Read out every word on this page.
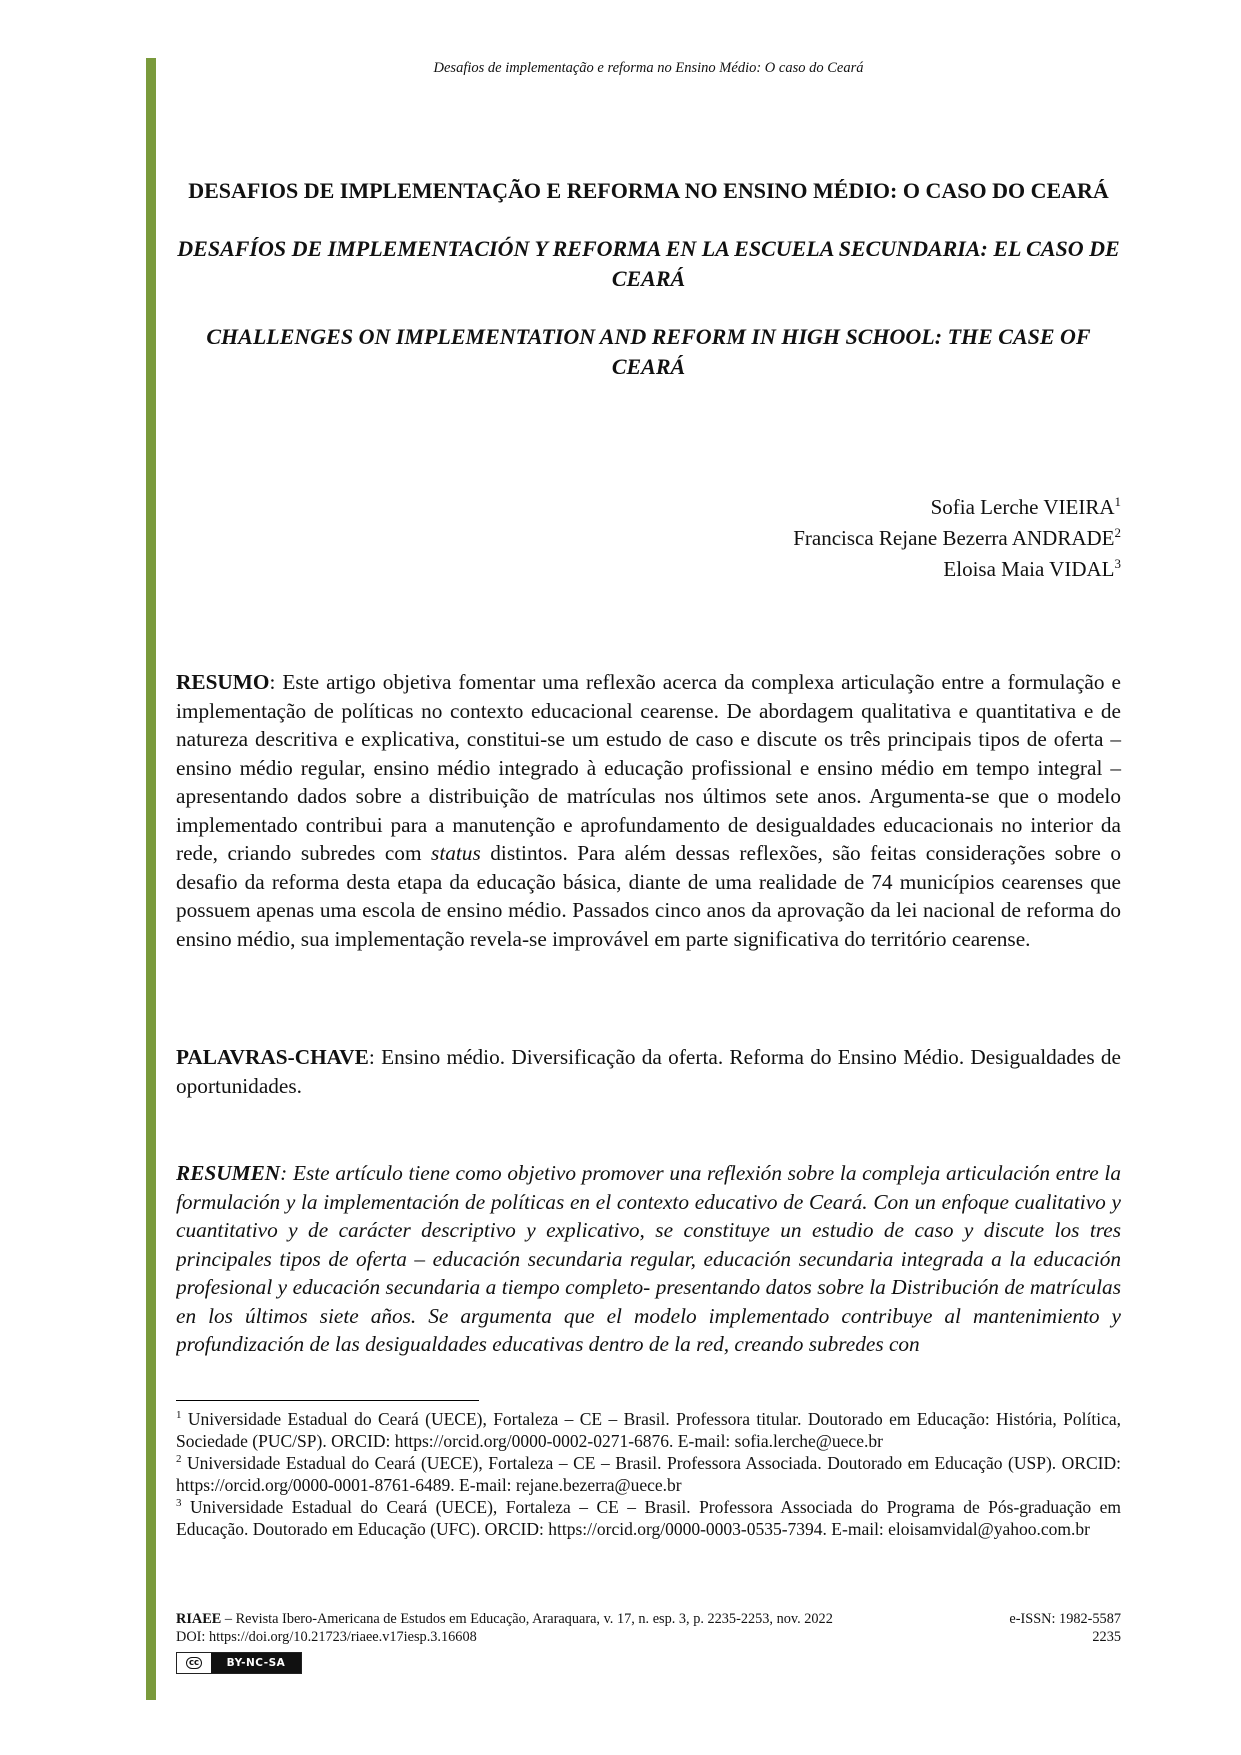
Desafios de implementação e reforma no Ensino Médio: O caso do Ceará
DESAFIOS DE IMPLEMENTAÇÃO E REFORMA NO ENSINO MÉDIO: O CASO DO CEARÁ
DESAFÍOS DE IMPLEMENTACIÓN Y REFORMA EN LA ESCUELA SECUNDARIA: EL CASO DE CEARÁ
CHALLENGES ON IMPLEMENTATION AND REFORM IN HIGH SCHOOL: THE CASE OF CEARÁ
Sofia Lerche VIEIRA$^1$
Francisca Rejane Bezerra ANDRADE$^2$
Eloisa Maia VIDAL$^3$

RESUMO: Este artigo objetiva fomentar uma reflexão acerca da complexa articulação entre a formulação e implementação de políticas no contexto educacional cearense. De abordagem qualitativa e quantitativa e de natureza descritiva e explicativa, constitui-se um estudo de caso e discute os três principais tipos de oferta – ensino médio regular, ensino médio integrado à educação profissional e ensino médio em tempo integral – apresentando dados sobre a distribuição de matrículas nos últimos sete anos. Argumenta-se que o modelo implementado contribui para a manutenção e aprofundamento de desigualdades educacionais no interior da rede, criando subredes com status distintos. Para além dessas reflexões, são feitas considerações sobre o desafio da reforma desta etapa da educação básica, diante de uma realidade de 74 municípios cearenses que possuem apenas uma escola de ensino médio. Passados cinco anos da aprovação da lei nacional de reforma do ensino médio, sua implementação revela-se improvável em parte significativa do território cearense.

PALAVRAS-CHAVE: Ensino médio. Diversificação da oferta. Reforma do Ensino Médio. Desigualdades de oportunidades.

RESUMEN: Este artículo tiene como objetivo promover una reflexión sobre la compleja articulación entre la formulación y la implementación de políticas en el contexto educativo de Ceará. Con un enfoque cualitativo y cuantitativo y de carácter descriptivo y explicativo, se constituye un estudio de caso y discute los tres principales tipos de oferta – educación secundaria regular, educación secundaria integrada a la educación profesional y educación secundaria a tiempo completo- presentando datos sobre la Distribución de matrículas en los últimos siete años. Se argumenta que el modelo implementado contribuye al mantenimiento y profundización de las desigualdades educativas dentro de la red, creando subredes con

$^1$ Universidade Estadual do Ceará (UECE), Fortaleza – CE – Brasil. Professora titular. Doutorado em Educação: História, Política, Sociedade (PUC/SP). ORCID: https://orcid.org/0000-0002-0271-6876. E-mail: sofia.lerche@uece.br

$^2$ Universidade Estadual do Ceará (UECE), Fortaleza – CE – Brasil. Professora Associada. Doutorado em Educação (USP). ORCID: https://orcid.org/0000-0001-8761-6489. E-mail: rejane.bezerra@uece.br

$^3$ Universidade Estadual do Ceará (UECE), Fortaleza – CE – Brasil. Professora Associada do Programa de Pós-graduação em Educação. Doutorado em Educação (UFC). ORCID: https://orcid.org/0000-0003-0535-7394. E-mail: eloisamvidal@yahoo.com.br

RIAEE – Revista Ibero-Americana de Estudos em Educação, Araraquara, v. 17, n. esp. 3, p. 2235-2253, nov. 2022	e-ISSN: 1982-5587
DOI: https://doi.org/10.21723/riaee.v17iesp.3.16608	2235
cc	BY-NC-SA
